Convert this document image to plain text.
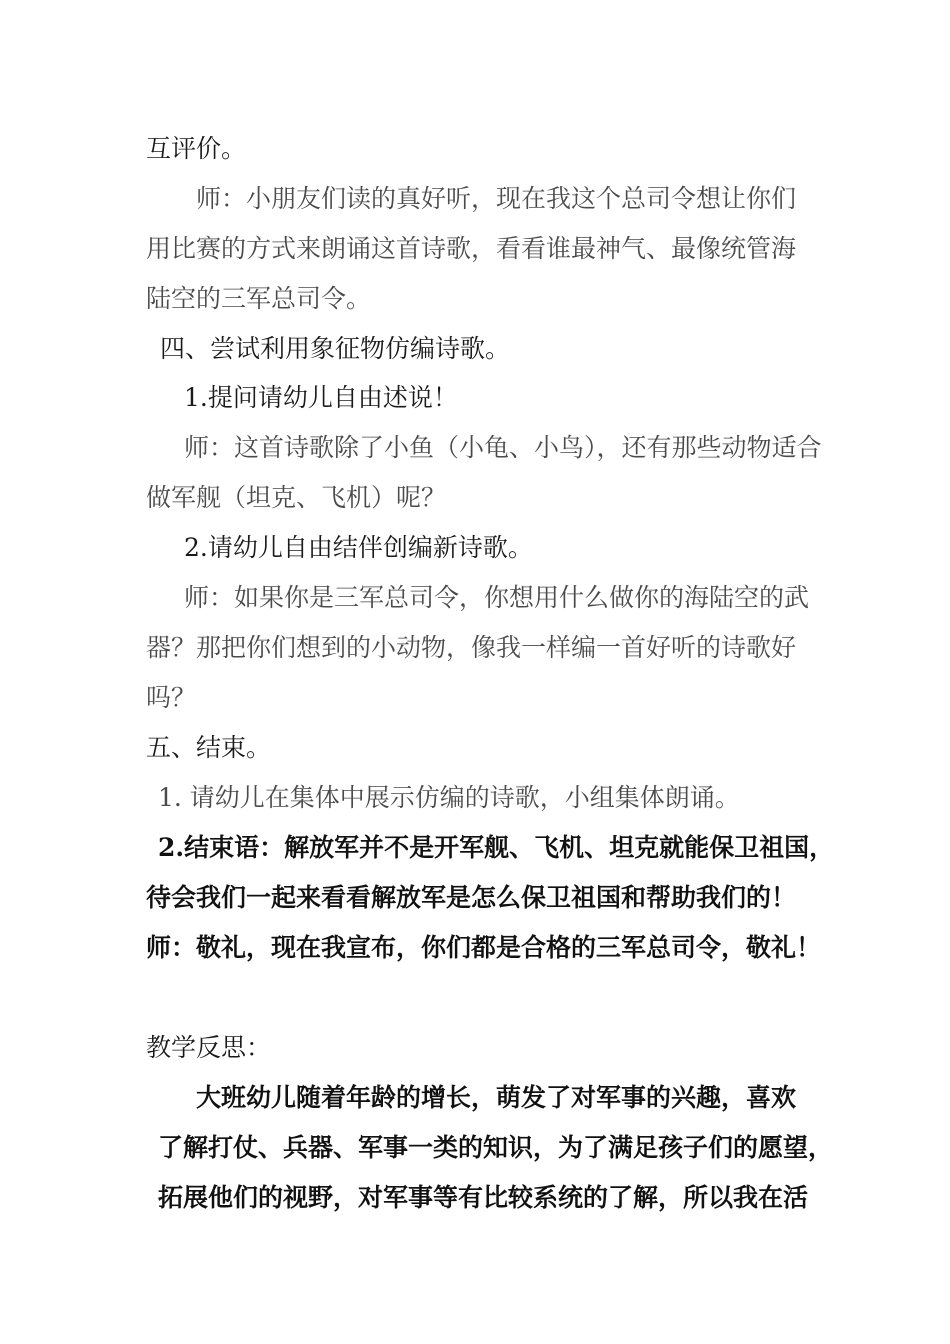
互评价。

师：小朋友们读的真好听，现在我这个总司令想让你们

用比赛的方式来朗诵这首诗歌，看看谁最神气、最像统管海

陆空的三军总司令。

四、尝试利用象征物仿编诗歌。

1.提问请幼儿自由述说！

师：这首诗歌除了小鱼（小龟、小鸟），还有那些动物适合

做军舰（坦克、飞机）呢？

2.请幼儿自由结伴创编新诗歌。

师：如果你是三军总司令，你想用什么做你的海陆空的武

器？那把你们想到的小动物，像我一样编一首好听的诗歌好

吗？

五、结束。

1. 请幼儿在集体中展示仿编的诗歌，小组集体朗诵。

2.结束语：解放军并不是开军舰、飞机、坦克就能保卫祖国，

待会我们一起来看看解放军是怎么保卫祖国和帮助我们的！

师：敬礼，现在我宣布，你们都是合格的三军总司令，敬礼！

教学反思：

大班幼儿随着年龄的增长，萌发了对军事的兴趣，喜欢

了解打仗、兵器、军事一类的知识，为了满足孩子们的愿望，

拓展他们的视野，对军事等有比较系统的了解，所以我在活
